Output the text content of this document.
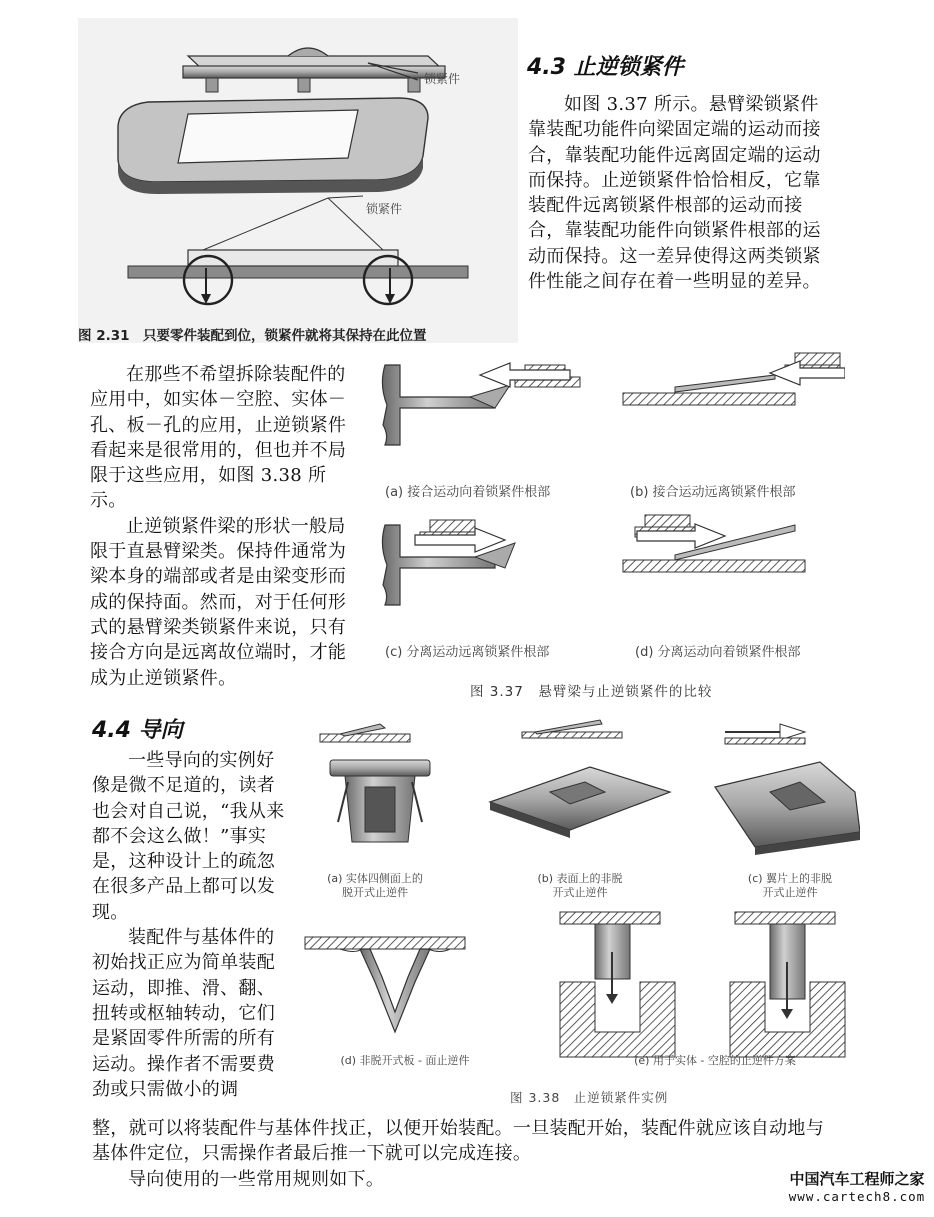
锁紧件
锁紧件
图 2.31　只要零件装配到位，锁紧件就将其保持在此位置
4.3 止逆锁紧件

如图 3.37 所示。悬臂梁锁紧件靠装配功能件向梁固定端的运动而接合，靠装配功能件远离固定端的运动而保持。止逆锁紧件恰恰相反，它靠装配件远离锁紧件根部的运动而接合，靠装配功能件向锁紧件根部的运动而保持。这一差异使得这两类锁紧件性能之间存在着一些明显的差异。

在那些不希望拆除装配件的应用中，如实体－空腔、实体－孔、板－孔的应用，止逆锁紧件看起来是很常用的，但也并不局限于这些应用，如图 3.38 所示。

止逆锁紧件梁的形状一般局限于直悬臂梁类。保持件通常为梁本身的端部或者是由梁变形而成的保持面。然而，对于任何形式的悬臂梁类锁紧件来说，只有接合方向是远离故位端时，才能成为止逆锁紧件。

(a) 接合运动向着锁紧件根部	(b) 接合运动远离锁紧件根部
(c) 分离运动远离锁紧件根部	(d) 分离运动向着锁紧件根部
图 3.37　悬臂梁与止逆锁紧件的比较
4.4 导向

一些导向的实例好像是微不足道的，读者也会对自己说，“我从来都不会这么做！”事实是，这种设计上的疏忽在很多产品上都可以发现。

装配件与基体件的初始找正应为简单装配运动，即推、滑、翻、扭转或枢轴转动，它们是紧固零件所需的所有运动。操作者不需要费劲或只需做小的调

(a) 实体四侧面上的
脱开式止逆件
(b) 表面上的非脱
开式止逆件
(c) 翼片上的非脱
开式止逆件
(d) 非脱开式板 - 面止逆件	(e) 用于实体 - 空腔的止逆件方案
图 3.38　止逆锁紧件实例

整，就可以将装配件与基体件找正，以便开始装配。一旦装配开始，装配件就应该自动地与基体件定位，只需操作者最后推一下就可以完成连接。

导向使用的一些常用规则如下。	中国汽车工程师之家
www.cartech8.com
